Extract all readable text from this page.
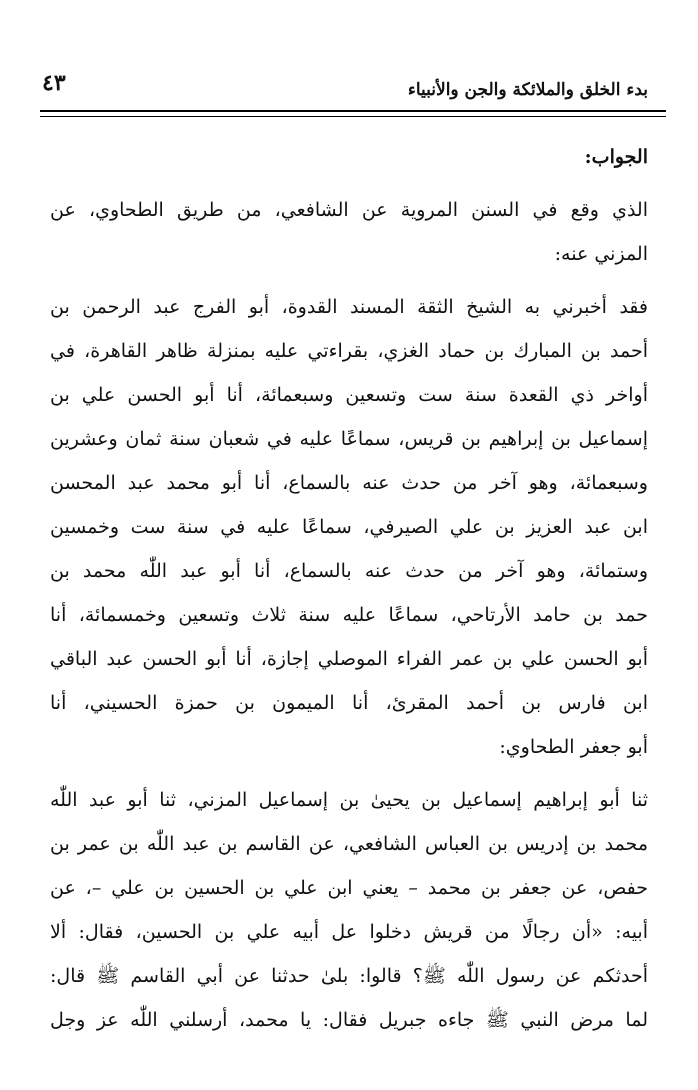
بدء الخلق والملائكة والجن والأنبياء
٤٣
الجواب:
الذي وقع في السنن المروية عن الشافعي، من طريق الطحاوي، عن
المزني عنه:
فقد أخبرني به الشيخ الثقة المسند القدوة، أبو الفرج عبد الرحمن بن
أحمد بن المبارك بن حماد الغزي، بقراءتي عليه بمنزلة ظاهر القاهرة، في
أواخر ذي القعدة سنة ست وتسعين وسبعمائة، أنا أبو الحسن علي بن
إسماعيل بن إبراهيم بن قريس، سماعًا عليه في شعبان سنة ثمان وعشرين
وسبعمائة، وهو آخر من حدث عنه بالسماع، أنا أبو محمد عبد المحسن
ابن عبد العزيز بن علي الصيرفي، سماعًا عليه في سنة ست وخمسين
وستمائة، وهو آخر من حدث عنه بالسماع، أنا أبو عبد اللّٰه محمد بن
حمد بن حامد الأرتاحي، سماعًا عليه سنة ثلاث وتسعين وخمسمائة، أنا
أبو الحسن علي بن عمر الفراء الموصلي إجازة، أنا أبو الحسن عبد الباقي
ابن فارس بن أحمد المقرئ، أنا الميمون بن حمزة الحسيني، أنا
أبو جعفر الطحاوي:
ثنا أبو إبراهيم إسماعيل بن يحيىٰ بن إسماعيل المزني، ثنا أبو عبد اللّٰه
محمد بن إدريس بن العباس الشافعي، عن القاسم بن عبد اللّٰه بن عمر بن
حفص، عن جعفر بن محمد – يعني ابن علي بن الحسين بن علي –، عن
أبيه: «أن رجالًا من قريش دخلوا عل أبيه علي بن الحسين، فقال: ألا
أحدثكم عن رسول اللّٰه ﷺ؟ قالوا: بلىٰ حدثنا عن أبي القاسم ﷺ قال:
لما مرض النبي ﷺ جاءه جبريل فقال: يا محمد، أرسلني اللّٰه عز وجل
